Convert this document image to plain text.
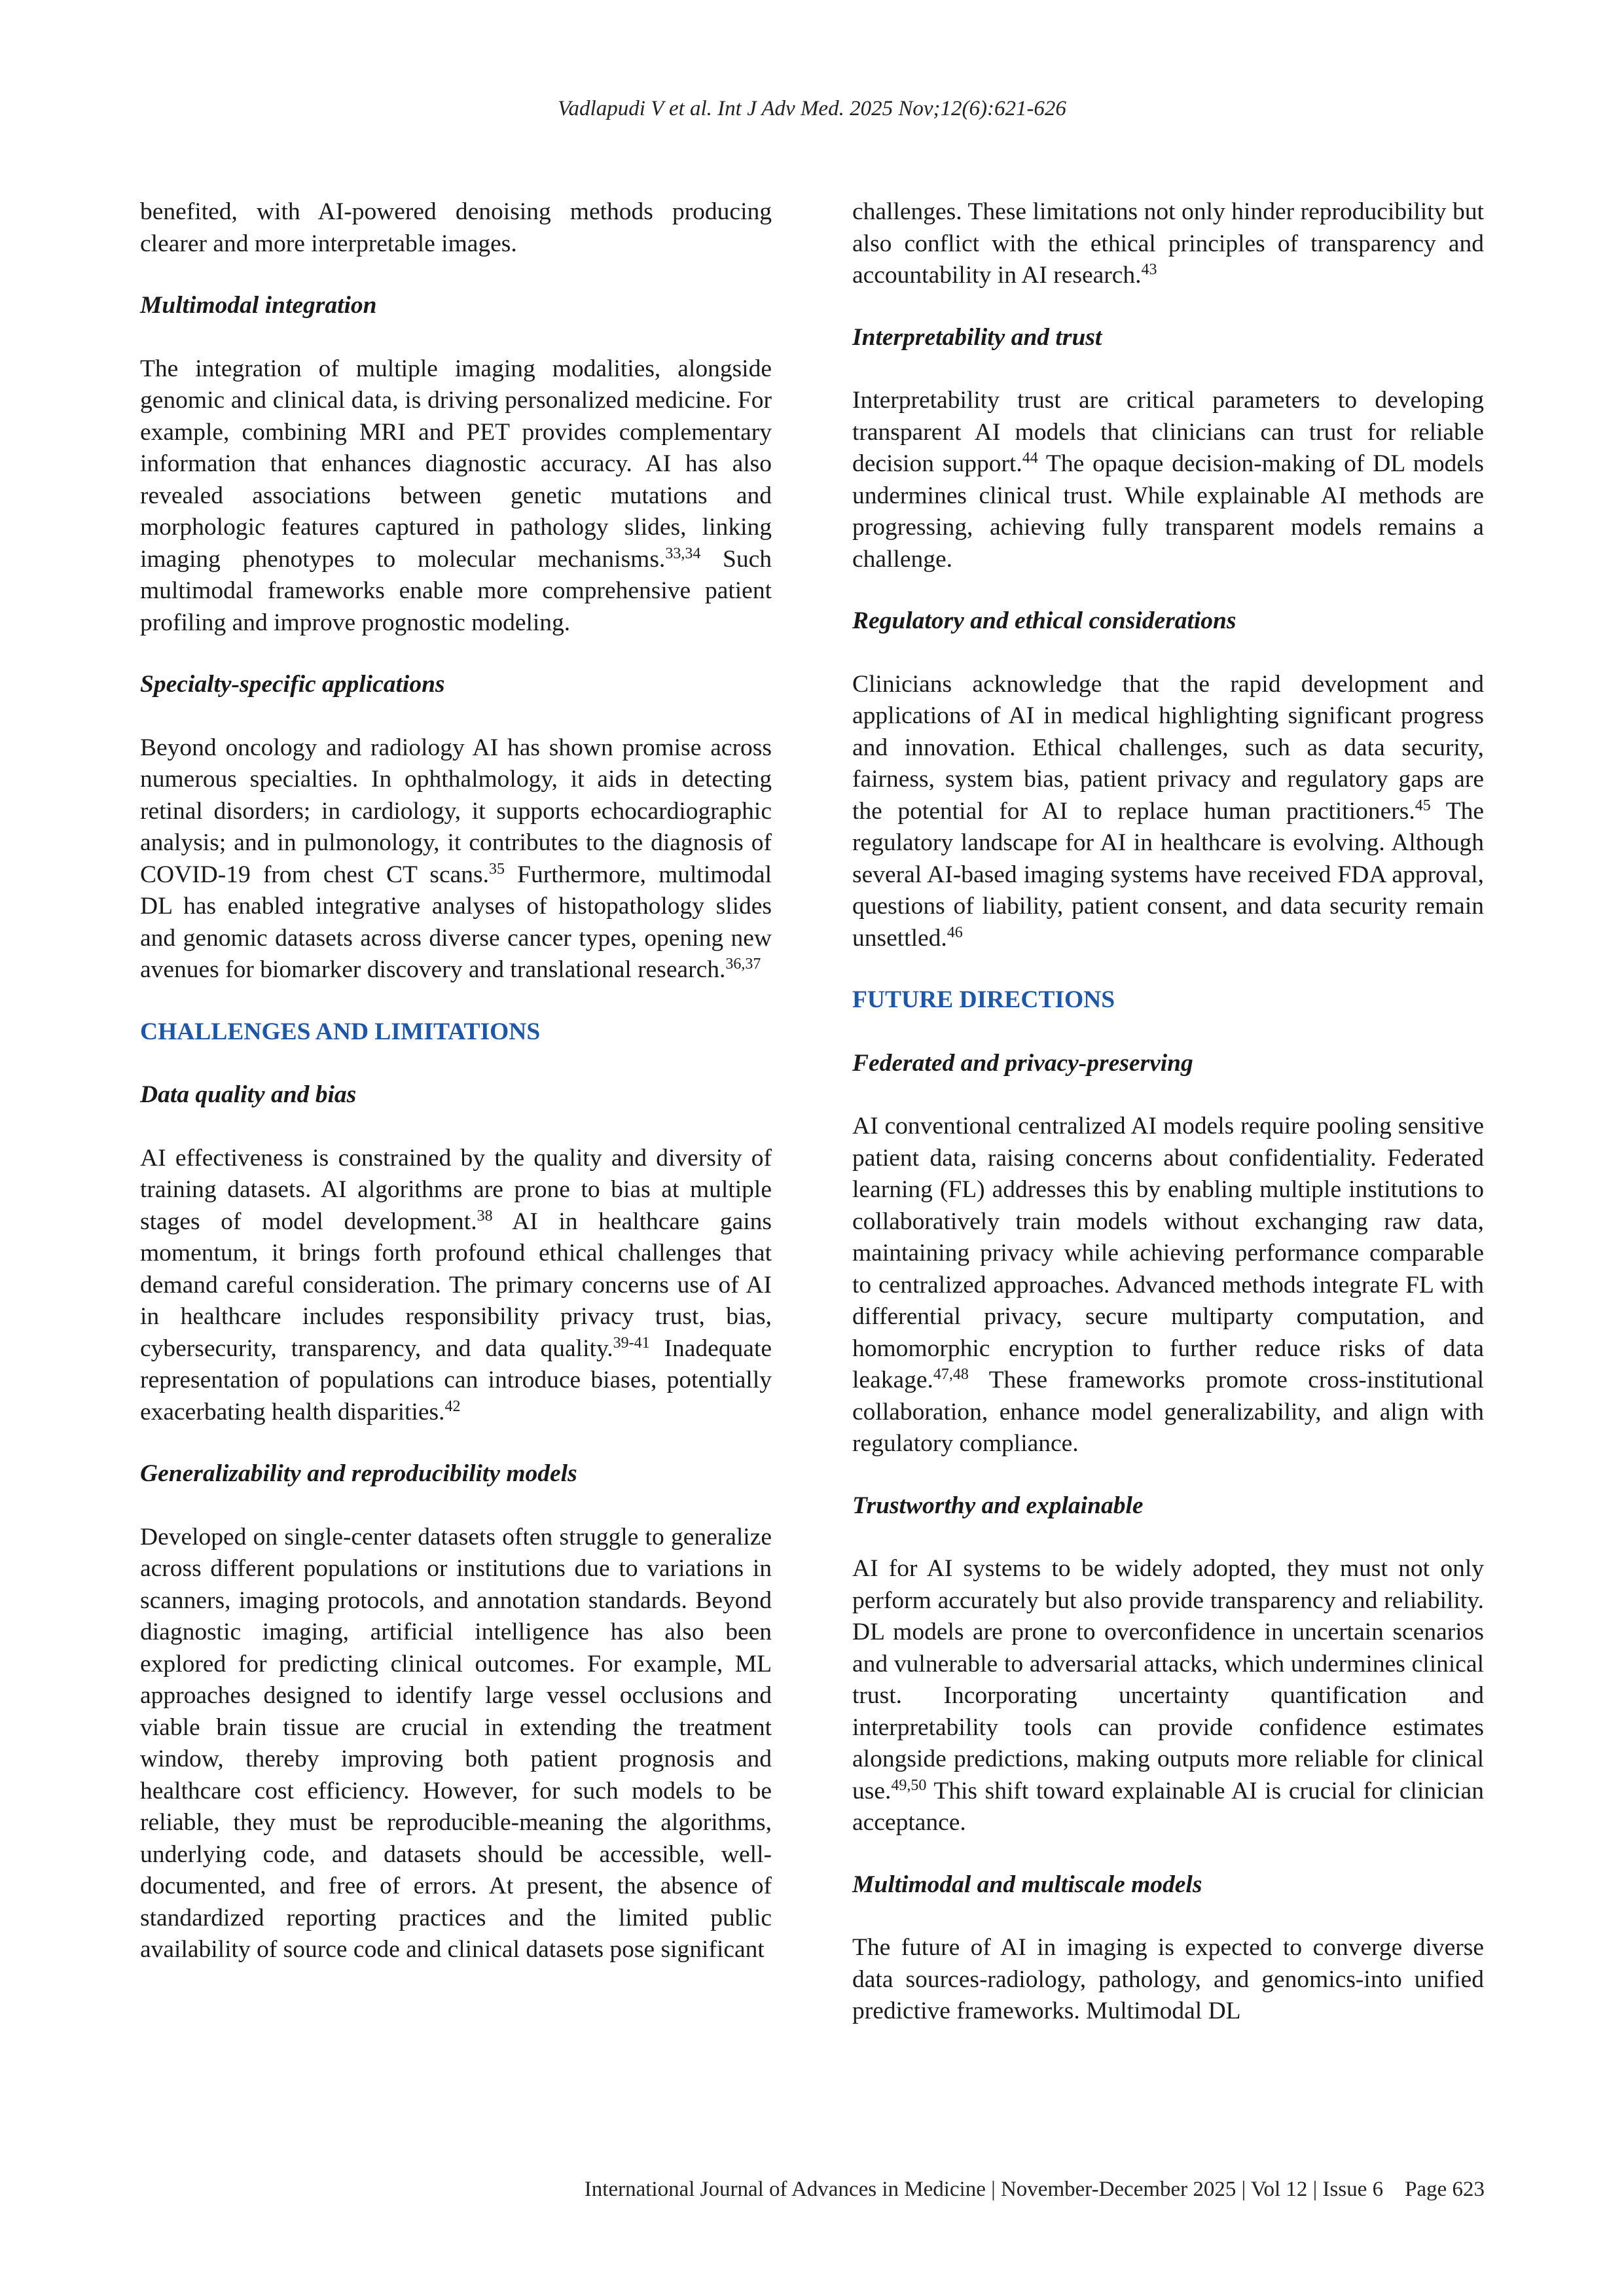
Vadlapudi V et al. Int J Adv Med. 2025 Nov;12(6):621-626

benefited, with AI-powered denoising methods producing clearer and more interpretable images.

Multimodal integration

The integration of multiple imaging modalities, alongside genomic and clinical data, is driving personalized medicine. For example, combining MRI and PET provides complementary information that enhances diagnostic accuracy. AI has also revealed associations between genetic mutations and morphologic features captured in pathology slides, linking imaging phenotypes to molecular mechanisms.$^{33,34}$ Such multimodal frameworks enable more comprehensive patient profiling and improve prognostic modeling.

Specialty-specific applications

Beyond oncology and radiology AI has shown promise across numerous specialties. In ophthalmology, it aids in detecting retinal disorders; in cardiology, it supports echocardiographic analysis; and in pulmonology, it contributes to the diagnosis of COVID-19 from chest CT scans.$^{35}$ Furthermore, multimodal DL has enabled integrative analyses of histopathology slides and genomic datasets across diverse cancer types, opening new avenues for biomarker discovery and translational research.$^{36,37}$

CHALLENGES AND LIMITATIONS
Data quality and bias

AI effectiveness is constrained by the quality and diversity of training datasets. AI algorithms are prone to bias at multiple stages of model development.$^{38}$ AI in healthcare gains momentum, it brings forth profound ethical challenges that demand careful consideration. The primary concerns use of AI in healthcare includes responsibility privacy trust, bias, cybersecurity, transparency, and data quality.$^{39-41}$ Inadequate representation of populations can introduce biases, potentially exacerbating health disparities.$^{42}$

Generalizability and reproducibility models

Developed on single-center datasets often struggle to generalize across different populations or institutions due to variations in scanners, imaging protocols, and annotation standards. Beyond diagnostic imaging, artificial intelligence has also been explored for predicting clinical outcomes. For example, ML approaches designed to identify large vessel occlusions and viable brain tissue are crucial in extending the treatment window, thereby improving both patient prognosis and healthcare cost efficiency. However, for such models to be reliable, they must be reproducible-meaning the algorithms, underlying code, and datasets should be accessible, well-documented, and free of errors. At present, the absence of standardized reporting practices and the limited public availability of source code and clinical datasets pose significant

challenges. These limitations not only hinder reproducibility but also conflict with the ethical principles of transparency and accountability in AI research.$^{43}$

Interpretability and trust

Interpretability trust are critical parameters to developing transparent AI models that clinicians can trust for reliable decision support.$^{44}$ The opaque decision-making of DL models undermines clinical trust. While explainable AI methods are progressing, achieving fully transparent models remains a challenge.

Regulatory and ethical considerations

Clinicians acknowledge that the rapid development and applications of AI in medical highlighting significant progress and innovation. Ethical challenges, such as data security, fairness, system bias, patient privacy and regulatory gaps are the potential for AI to replace human practitioners.$^{45}$ The regulatory landscape for AI in healthcare is evolving. Although several AI-based imaging systems have received FDA approval, questions of liability, patient consent, and data security remain unsettled.$^{46}$

FUTURE DIRECTIONS
Federated and privacy-preserving

AI conventional centralized AI models require pooling sensitive patient data, raising concerns about confidentiality. Federated learning (FL) addresses this by enabling multiple institutions to collaboratively train models without exchanging raw data, maintaining privacy while achieving performance comparable to centralized approaches. Advanced methods integrate FL with differential privacy, secure multiparty computation, and homomorphic encryption to further reduce risks of data leakage.$^{47,48}$ These frameworks promote cross-institutional collaboration, enhance model generalizability, and align with regulatory compliance.

Trustworthy and explainable

AI for AI systems to be widely adopted, they must not only perform accurately but also provide transparency and reliability. DL models are prone to overconfidence in uncertain scenarios and vulnerable to adversarial attacks, which undermines clinical trust. Incorporating uncertainty quantification and interpretability tools can provide confidence estimates alongside predictions, making outputs more reliable for clinical use.$^{49,50}$ This shift toward explainable AI is crucial for clinician acceptance.

Multimodal and multiscale models

The future of AI in imaging is expected to converge diverse data sources-radiology, pathology, and genomics-into unified predictive frameworks. Multimodal DL

International Journal of Advances in Medicine | November-December 2025 | Vol 12 | Issue 6    Page 623
